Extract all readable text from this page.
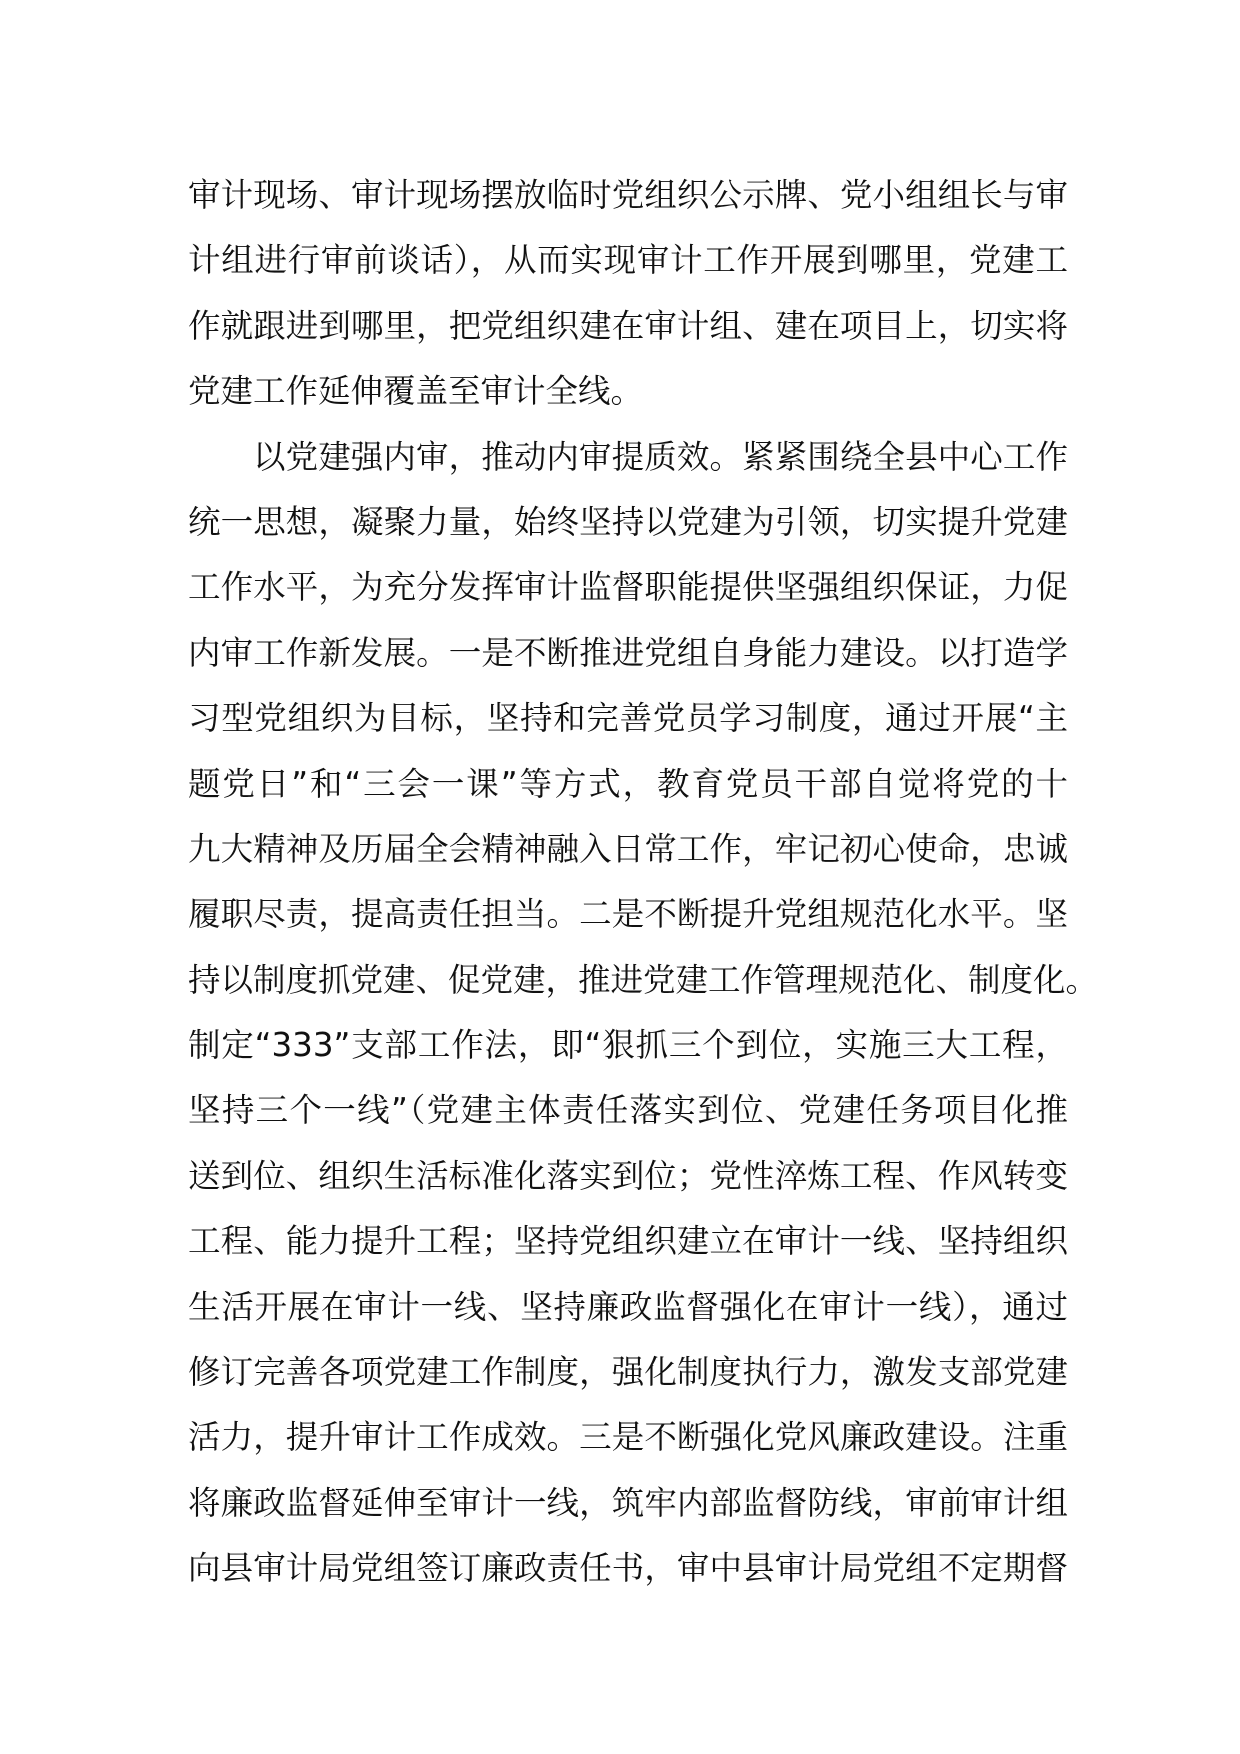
审计现场、审计现场摆放临时党组织公示牌、党小组组长与审
计组进行审前谈话），从而实现审计工作开展到哪里，党建工
作就跟进到哪里，把党组织建在审计组、建在项目上，切实将
党建工作延伸覆盖至审计全线。
以党建强内审，推动内审提质效。紧紧围绕全县中心工作
统一思想，凝聚力量，始终坚持以党建为引领，切实提升党建
工作水平，为充分发挥审计监督职能提供坚强组织保证，力促
内审工作新发展。一是不断推进党组自身能力建设。以打造学
习型党组织为目标，坚持和完善党员学习制度，通过开展“主
题党日”和“三会一课”等方式，教育党员干部自觉将党的十
九大精神及历届全会精神融入日常工作，牢记初心使命，忠诚
履职尽责，提高责任担当。二是不断提升党组规范化水平。坚
持以制度抓党建、促党建，推进党建工作管理规范化、制度化。
制定“333”支部工作法，即“狠抓三个到位，实施三大工程，
坚持三个一线”（党建主体责任落实到位、党建任务项目化推
送到位、组织生活标准化落实到位；党性淬炼工程、作风转变
工程、能力提升工程；坚持党组织建立在审计一线、坚持组织
生活开展在审计一线、坚持廉政监督强化在审计一线），通过
修订完善各项党建工作制度，强化制度执行力，激发支部党建
活力，提升审计工作成效。三是不断强化党风廉政建设。注重
将廉政监督延伸至审计一线，筑牢内部监督防线，审前审计组
向县审计局党组签订廉政责任书，审中县审计局党组不定期督
